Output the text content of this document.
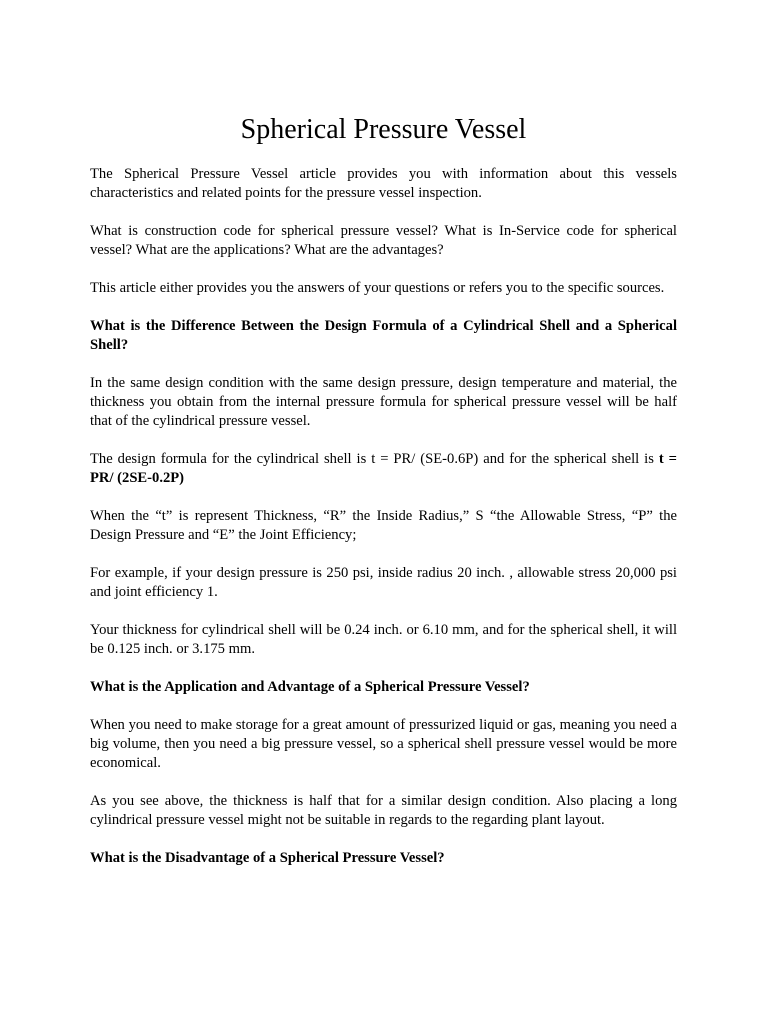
Spherical Pressure Vessel

The Spherical Pressure Vessel article provides you with information about this vessels characteristics and related points for the pressure vessel inspection.

What is construction code for spherical pressure vessel? What is In-Service code for spherical vessel? What are the applications? What are the advantages?

This article either provides you the answers of your questions or refers you to the specific sources.

What is the Difference Between the Design Formula of a Cylindrical Shell and a Spherical Shell?

In the same design condition with the same design pressure, design temperature and material, the thickness you obtain from the internal pressure formula for spherical pressure vessel will be half that of the cylindrical pressure vessel.

The design formula for the cylindrical shell is t = PR/ (SE-0.6P) and for the spherical shell is t = PR/ (2SE-0.2P)

When the “t” is represent Thickness, “R” the Inside Radius,” S “the Allowable Stress, “P” the Design Pressure and “E” the Joint Efficiency;

For example, if your design pressure is 250 psi, inside radius 20 inch. , allowable stress 20,000 psi and joint efficiency 1.

Your thickness for cylindrical shell will be 0.24 inch. or 6.10 mm, and for the spherical shell, it will be 0.125 inch. or 3.175 mm.

What is the Application and Advantage of a Spherical Pressure Vessel?

When you need to make storage for a great amount of pressurized liquid or gas, meaning you need a big volume, then you need a big pressure vessel, so a spherical shell pressure vessel would be more economical.

As you see above, the thickness is half that for a similar design condition. Also placing a long cylindrical pressure vessel might not be suitable in regards to the regarding plant layout.

What is the Disadvantage of a Spherical Pressure Vessel?
